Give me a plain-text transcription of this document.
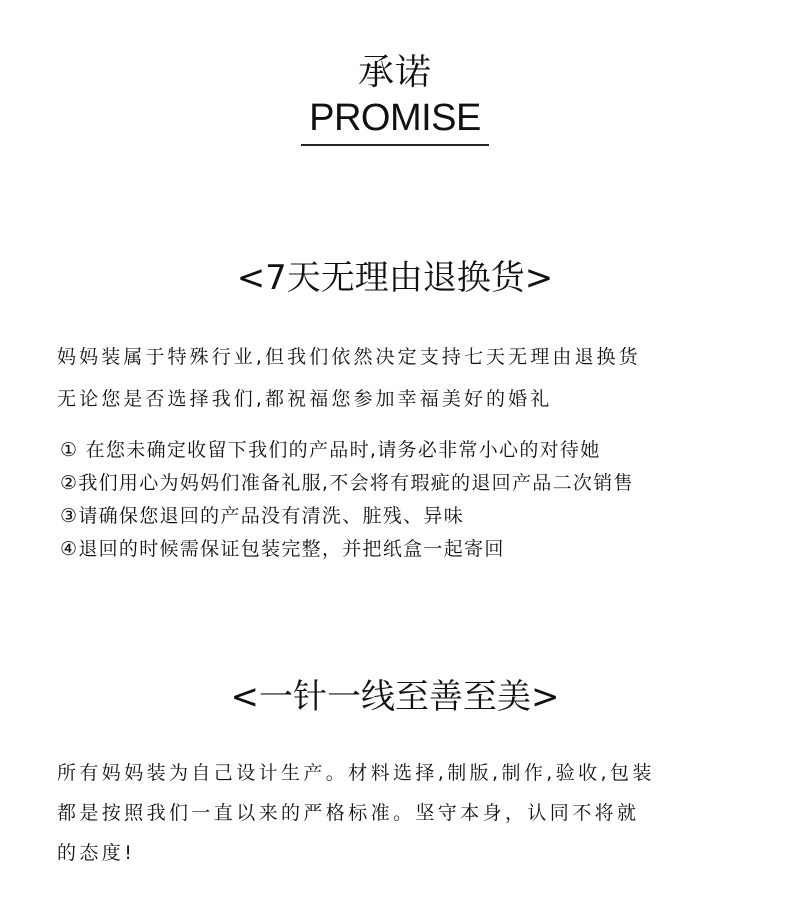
承诺
PROMISE
<7天无理由退换货>
妈妈装属于特殊行业,但我们依然决定支持七天无理由退换货
无论您是否选择我们,都祝福您参加幸福美好的婚礼
① 在您未确定收留下我们的产品时,请务必非常小心的对待她
②我们用心为妈妈们准备礼服,不会将有瑕疵的退回产品二次销售
③请确保您退回的产品没有清洗、脏残、异味
④退回的时候需保证包装完整，并把纸盒一起寄回
<一针一线至善至美>
所有妈妈装为自己设计生产。材料选择,制版,制作,验收,包装
都是按照我们一直以来的严格标准。坚守本身，认同不将就
的态度!
